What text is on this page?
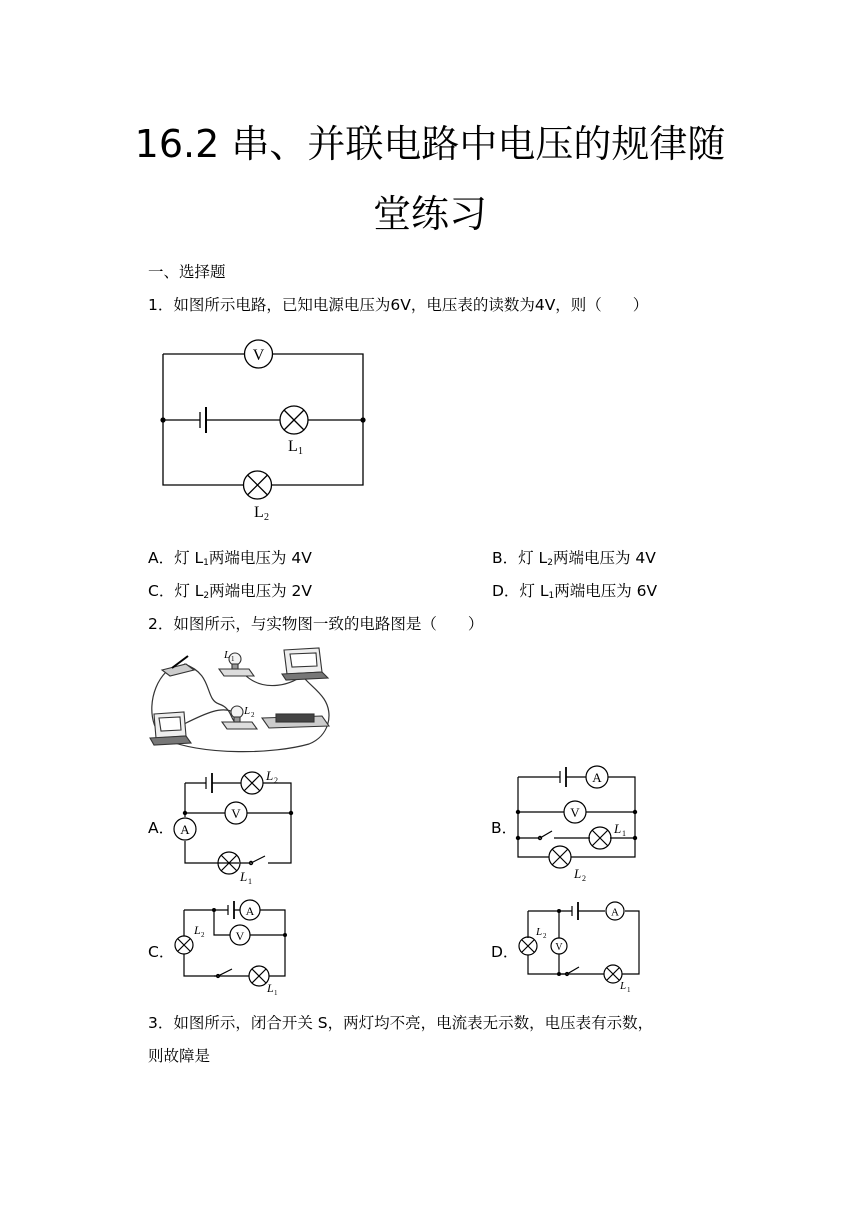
16.2 串、并联电路中电压的规律随
堂练习
一、选择题
1．如图所示电路，已知电源电压为6V，电压表的读数为4V，则（　　）
V
L 1
L 2
A．灯 $L_1$两端电压为 4V	B．灯 $L_2$两端电压为 4V
C．灯 $L_2$两端电压为 2V	D．灯 $L_1$两端电压为 6V
2．如图所示，与实物图一致的电路图是（　　）
L 1
L 2
A．
V
A
L 2
L 1
B．
A
V
L 1
L 2
C．
A
V
L 2
L 1
D．
A
V
L 2
L 1
3．如图所示，闭合开关 S，两灯均不亮，电流表无示数，电压表有示数，
则故障是
